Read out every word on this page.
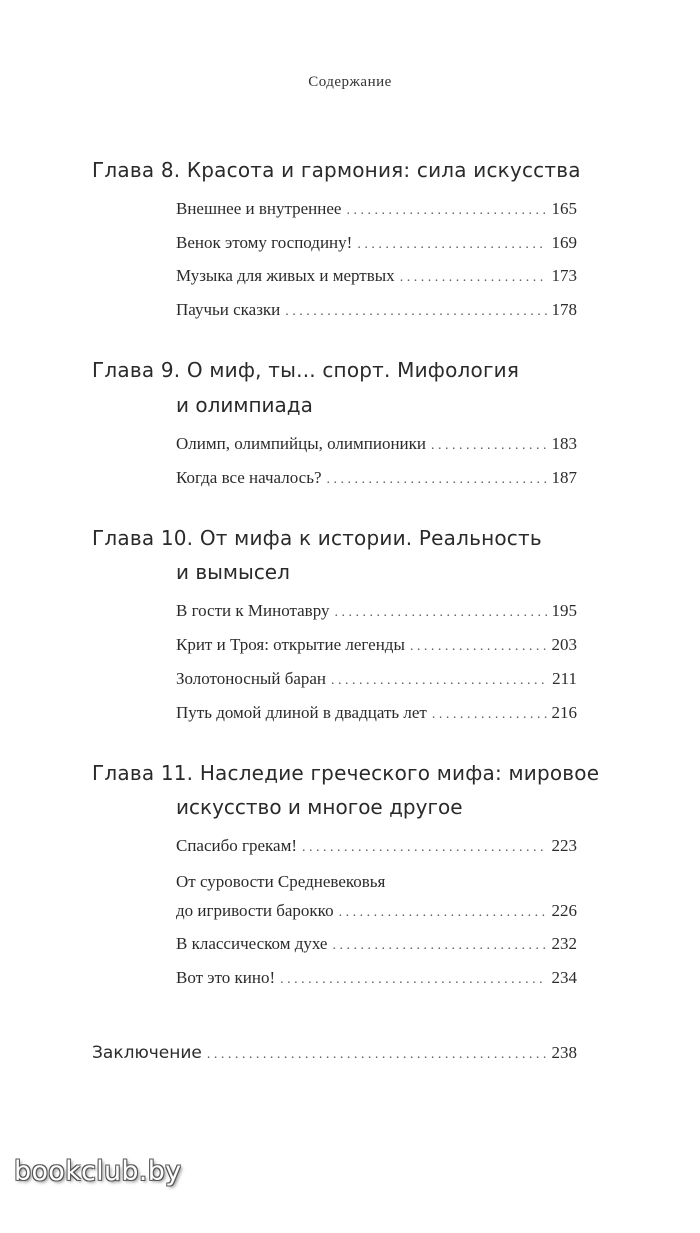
Содержание
Глава 8. Красота и гармония: сила искусства
Внешнее и внутреннее . . .	165
Венок этому господину! . . .	169
Музыка для живых и мертвых . . .	173
Паучьи сказки . . .	178
Глава 9. О миф, ты... спорт. Мифология
и олимпиада
Олимп, олимпийцы, олимпионики . . .	183
Когда все началось? . . .	187
Глава 10. От мифа к истории. Реальность
и вымысел
В гости к Минотавру . . .	195
Крит и Троя: открытие легенды . . .	203
Золотоносный баран . . .	211
Путь домой длиной в двадцать лет . . .	216
Глава 11. Наследие греческого мифа: мировое
искусство и многое другое
Спасибо грекам! . . .	223
От суровости Средневековья
до игривости барокко . . .	226
В классическом духе . . .	232
Вот это кино! . . .	234
Заключение . . .	238
bookclub.by
